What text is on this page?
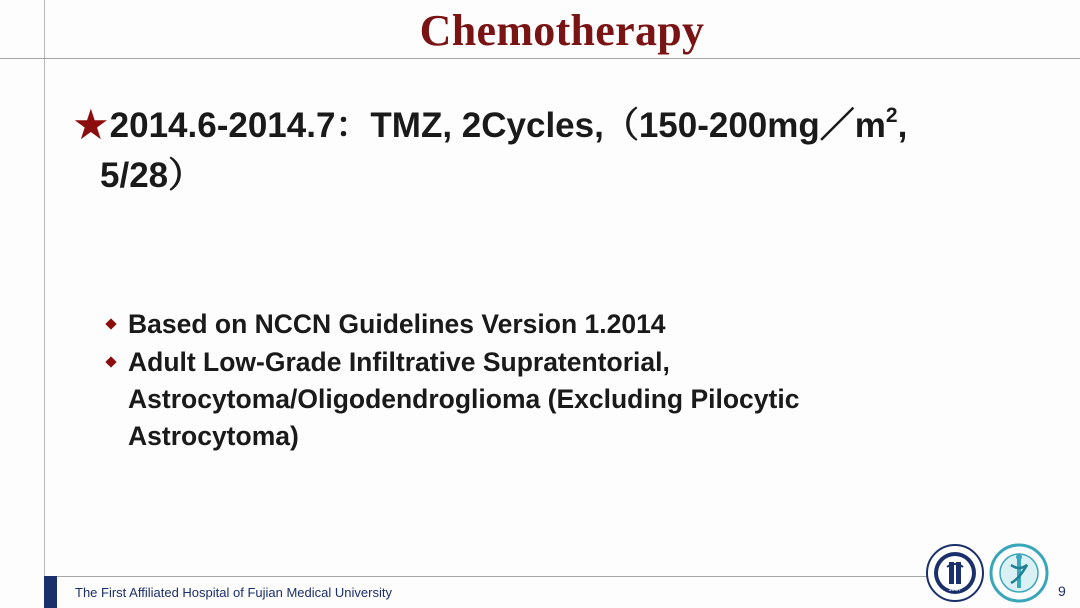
Chemotherapy
★2014.6-2014.7：TMZ, $2Cycles,(150-200mg/m^2$,
5/28）
Based on NCCN Guidelines Version 1.2014
Adult Low-Grade Infiltrative Supratentorial, Astrocytoma/Oligodendroglioma (Excluding Pilocytic Astrocytoma)
The First Affiliated Hospital of Fujian Medical University	1937	9
